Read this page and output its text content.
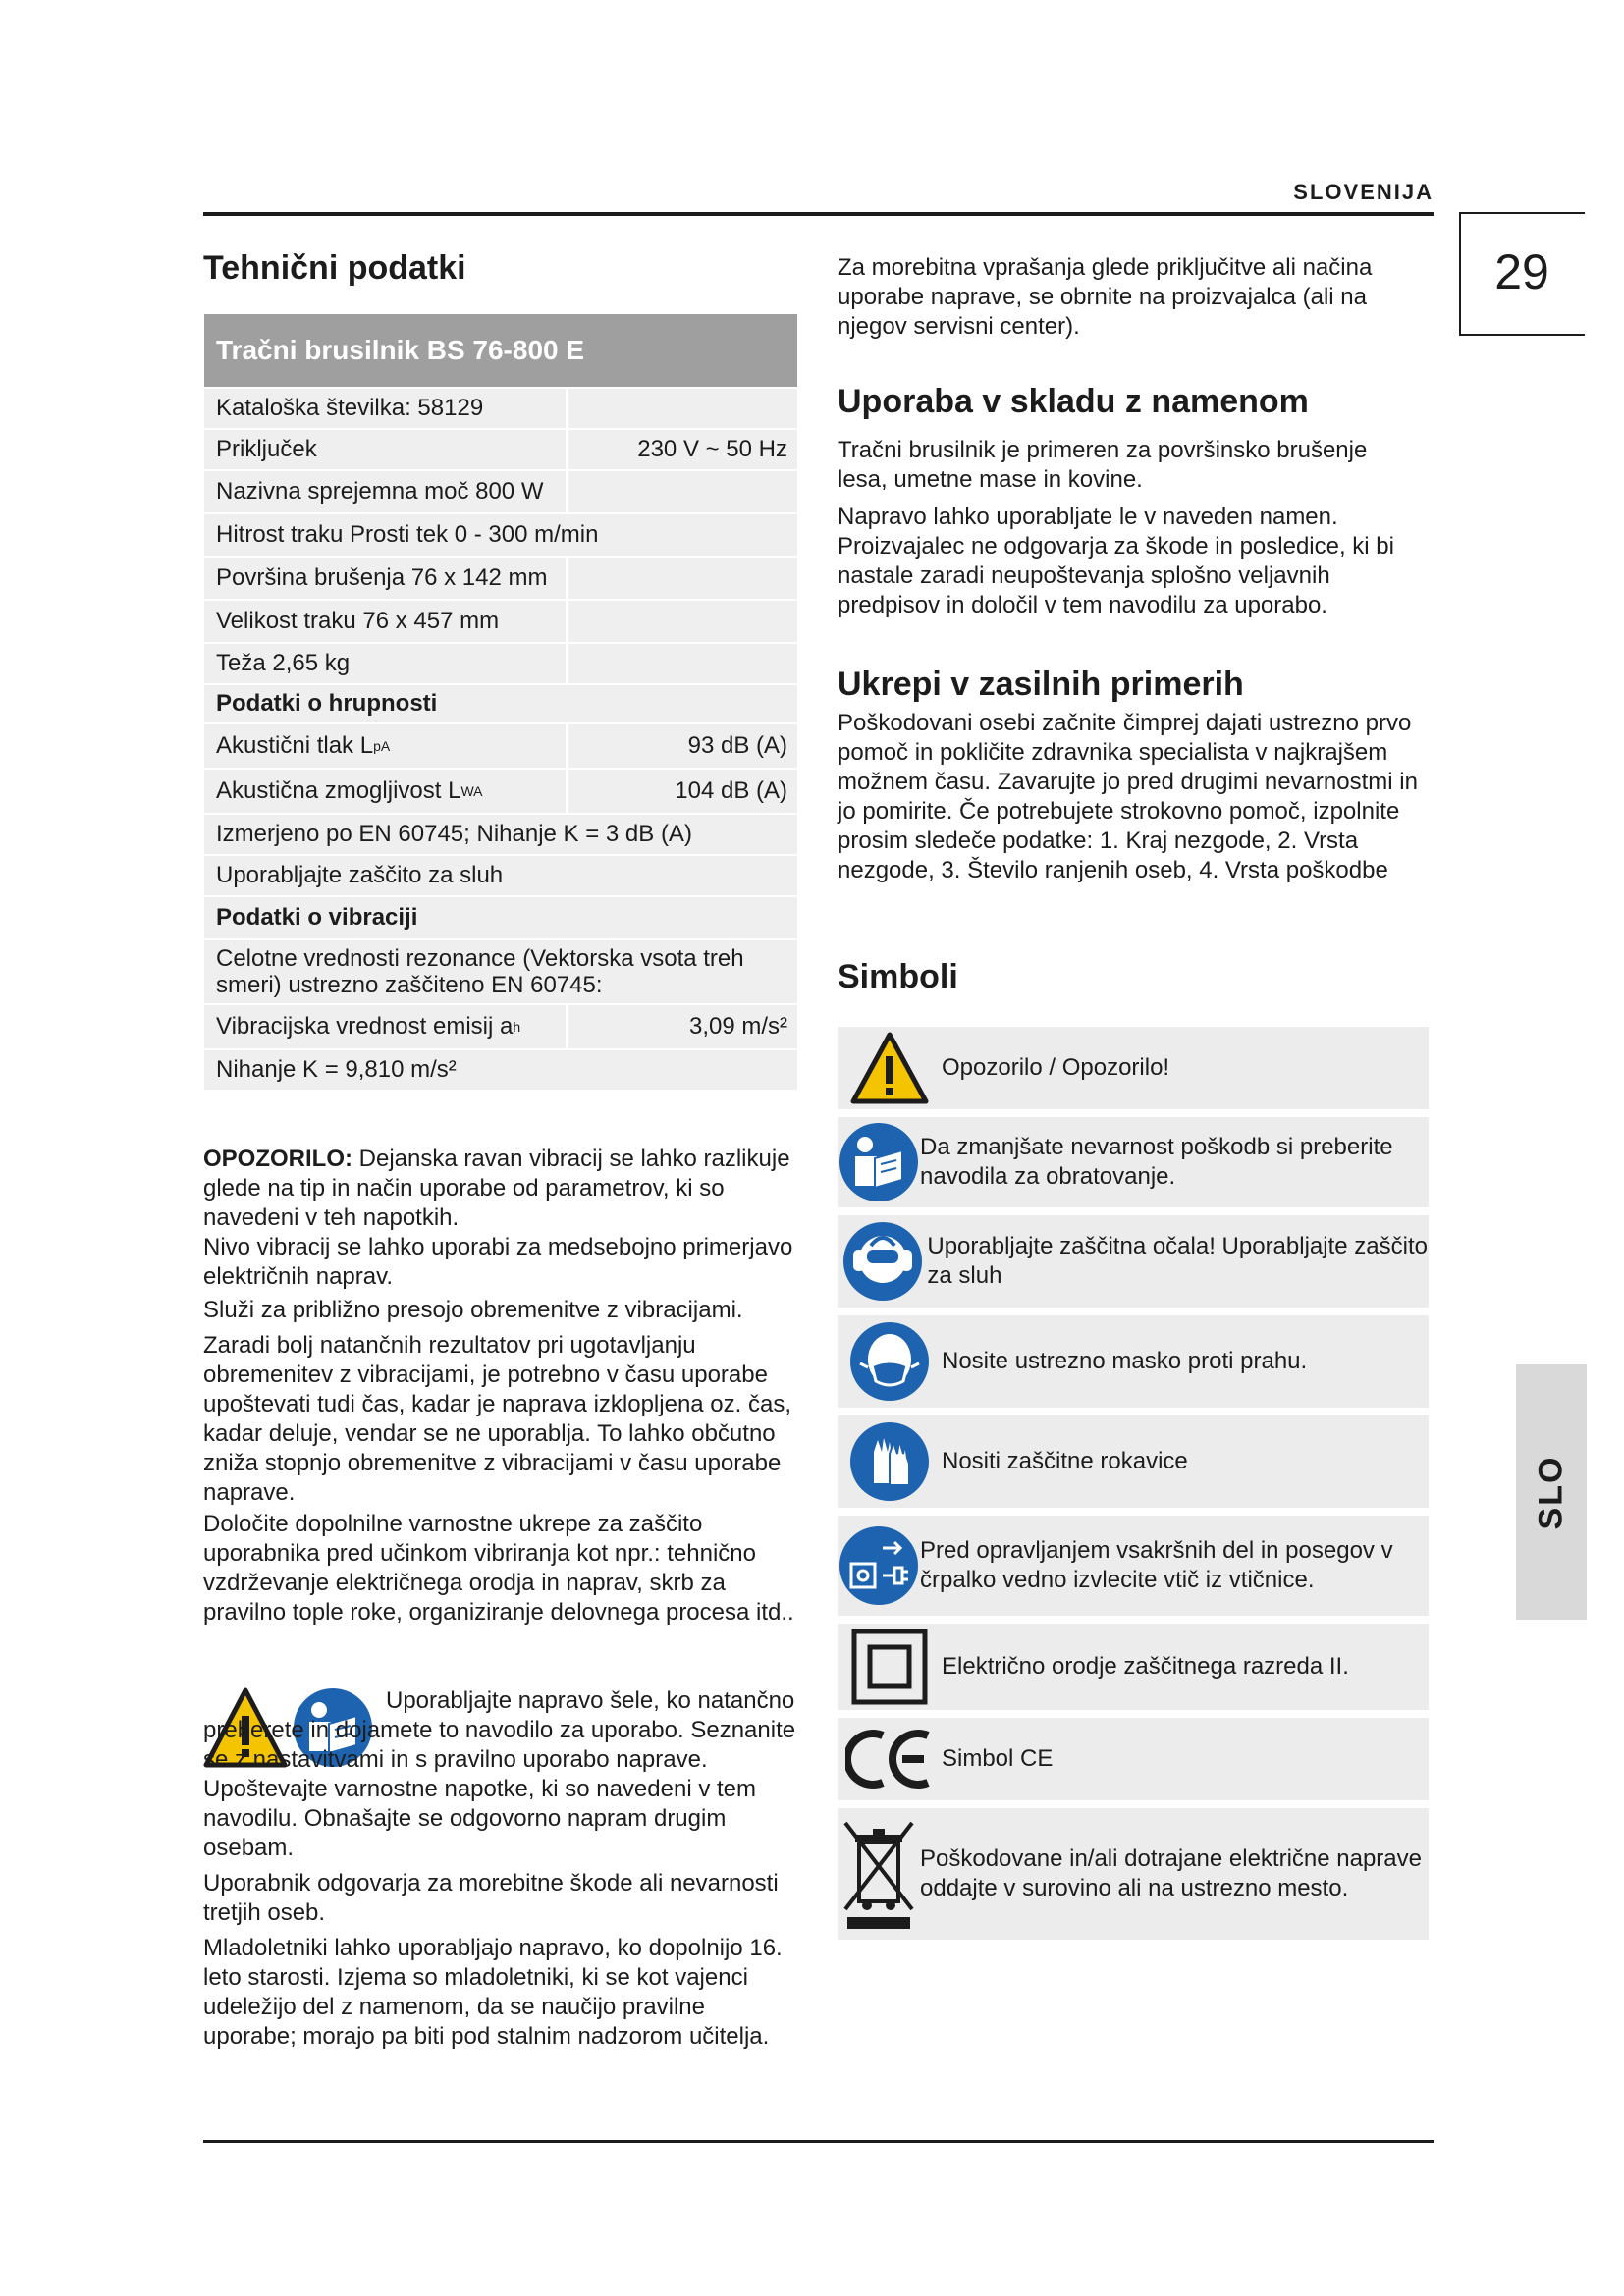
SLOVENIJA
29
SLO
Tehnični podatki
Tračni brusilnik BS 76-800 E
Kataloška številka: 58129
Priključek	230 V ~ 50 Hz
Nazivna sprejemna moč 800 W
Hitrost traku Prosti tek 0 - 300 m/min
Površina brušenja 76 x 142 mm
Velikost traku 76 x 457 mm
Teža 2,65 kg
Podatki o hrupnosti
Akustični tlak L pA	93 dB (A)
Akustična zmogljivost L WA	104 dB (A)
Izmerjeno po EN 60745; Nihanje K = 3 dB (A)
Uporabljajte zaščito za sluh
Podatki o vibraciji
Celotne vrednosti rezonance (Vektorska vsota treh smeri) ustrezno zaščiteno EN 60745:
Vibracijska vrednost emisij a h	3,09 m/s²
Nihanje K = 9,810 m/s²

OPOZORILO: Dejanska ravan vibracij se lahko razlikuje glede na tip in način uporabe od parametrov, ki so navedeni v teh napotkih.

Nivo vibracij se lahko uporabi za medsebojno primerjavo električnih naprav.

Služi za približno presojo obremenitve z vibracijami.

Zaradi bolj natančnih rezultatov pri ugotavljanju obremenitev z vibracijami, je potrebno v času uporabe upoštevati tudi čas, kadar je naprava izklopljena oz. čas, kadar deluje, vendar se ne uporablja. To lahko občutno zniža stopnjo obremenitve z vibracijami v času uporabe naprave.

Določite dopolnilne varnostne ukrepe za zaščito uporabnika pred učinkom vibriranja kot npr.: tehnično vzdrževanje električnega orodja in naprav, skrb za pravilno tople roke, organiziranje delovnega procesa itd..

Uporabljajte napravo šele, ko natančno preberete in dojamete to navodilo za uporabo. Seznanite se z nastavitvami in s pravilno uporabo naprave. Upoštevajte varnostne napotke, ki so navedeni v tem navodilu. Obnašajte se odgovorno napram drugim osebam.

Uporabnik odgovarja za morebitne škode ali nevarnosti tretjih oseb.

Mladoletniki lahko uporabljajo napravo, ko dopolnijo 16. leto starosti. Izjema so mladoletniki, ki se kot vajenci udeležijo del z namenom, da se naučijo pravilne uporabe; morajo pa biti pod stalnim nadzorom učitelja.

Za morebitna vprašanja glede priključitve ali načina uporabe naprave, se obrnite na proizvajalca (ali na njegov servisni center).

Uporaba v skladu z namenom

Tračni brusilnik je primeren za površinsko brušenje lesa, umetne mase in kovine.

Napravo lahko uporabljate le v naveden namen. Proizvajalec ne odgovarja za škode in posledice, ki bi nastale zaradi neupoštevanja splošno veljavnih predpisov in določil v tem navodilu za uporabo.

Ukrepi v zasilnih primerih

Poškodovani osebi začnite čimprej dajati ustrezno prvo pomoč in pokličite zdravnika specialista v najkrajšem možnem času. Zavarujte jo pred drugimi nevarnostmi in jo pomirite. Če potrebujete strokovno pomoč, izpolnite prosim sledeče podatke: 1. Kraj nezgode, 2. Vrsta nezgode, 3. Število ranjenih oseb, 4. Vrsta poškodbe

Simboli
Opozorilo / Opozorilo!
Da zmanjšate nevarnost poškodb si preberite navodila za obratovanje.
Uporabljajte zaščitna očala! Uporabljajte zaščito za sluh
Nosite ustrezno masko proti prahu.
Nositi zaščitne rokavice
Pred opravljanjem vsakršnih del in posegov v črpalko vedno izvlecite vtič iz vtičnice.
Električno orodje zaščitnega razreda II.
Simbol CE
Poškodovane in/ali dotrajane električne naprave oddajte v surovino ali na ustrezno mesto.
